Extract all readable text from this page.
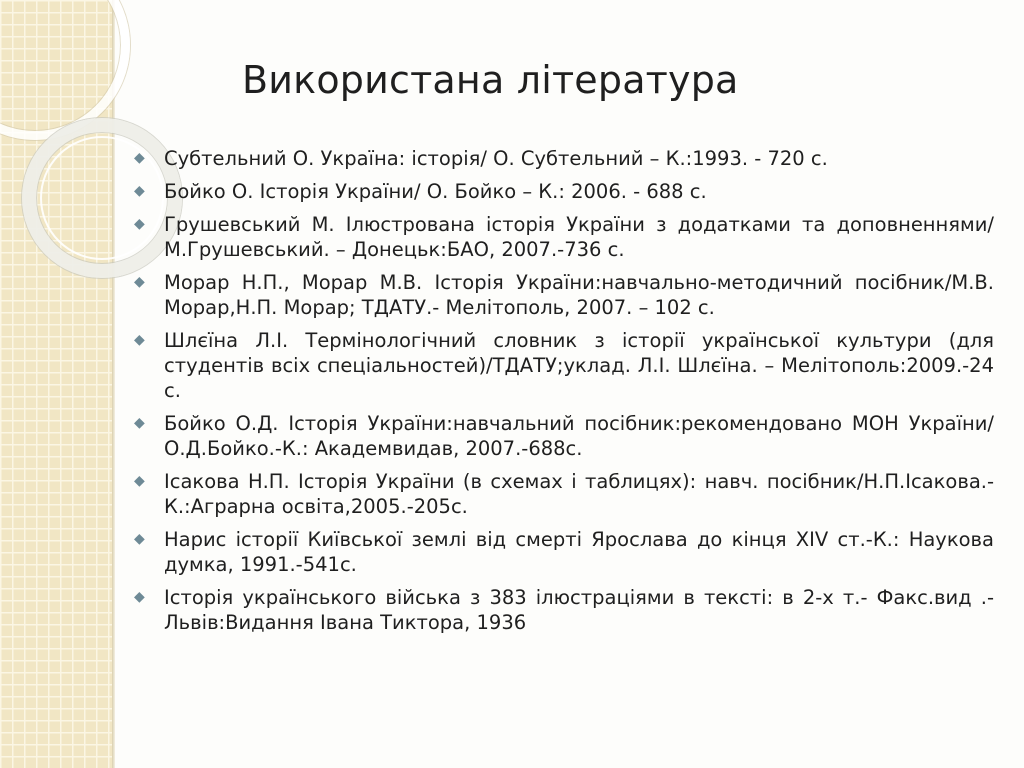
Використана література
◆ Субтельний О. Україна: історія/ О. Субтельний – К.:1993. - 720 с.
◆ Бойко О. Історія України/ О. Бойко – К.: 2006. - 688 с.
◆ Грушевський М. Ілюстрована історія України з додатками та доповненнями/М.Грушевський. – Донецьк:БАО, 2007.-736 с.
◆ Морар Н.П., Морар М.В. Історія України:навчально-методичний посібник/М.В. Морар,Н.П. Морар; ТДАТУ.- Мелітополь, 2007. – 102 с.
◆ Шлєїна Л.І. Термінологічний словник з історії української культури (для студентів всіх спеціальностей)/ТДАТУ;уклад. Л.І. Шлєїна. – Мелітополь:2009.-24 с.
◆ Бойко О.Д. Історія України:навчальний посібник:рекомендовано МОН України/О.Д.Бойко.-К.: Академвидав, 2007.-688с.
◆ Ісакова Н.П. Історія України (в схемах і таблицях): навч. посібник/Н.П.Ісакова.-К.:Аграрна освіта,2005.-205с.
◆ Нарис історії Київської землі від смерті Ярослава до кінця XIV ст.-К.: Наукова думка, 1991.-541с.
◆ Історія українського війська з 383 ілюстраціями в тексті: в 2-х т.- Факс.вид .- Львів:Видання Івана Тиктора, 1936
